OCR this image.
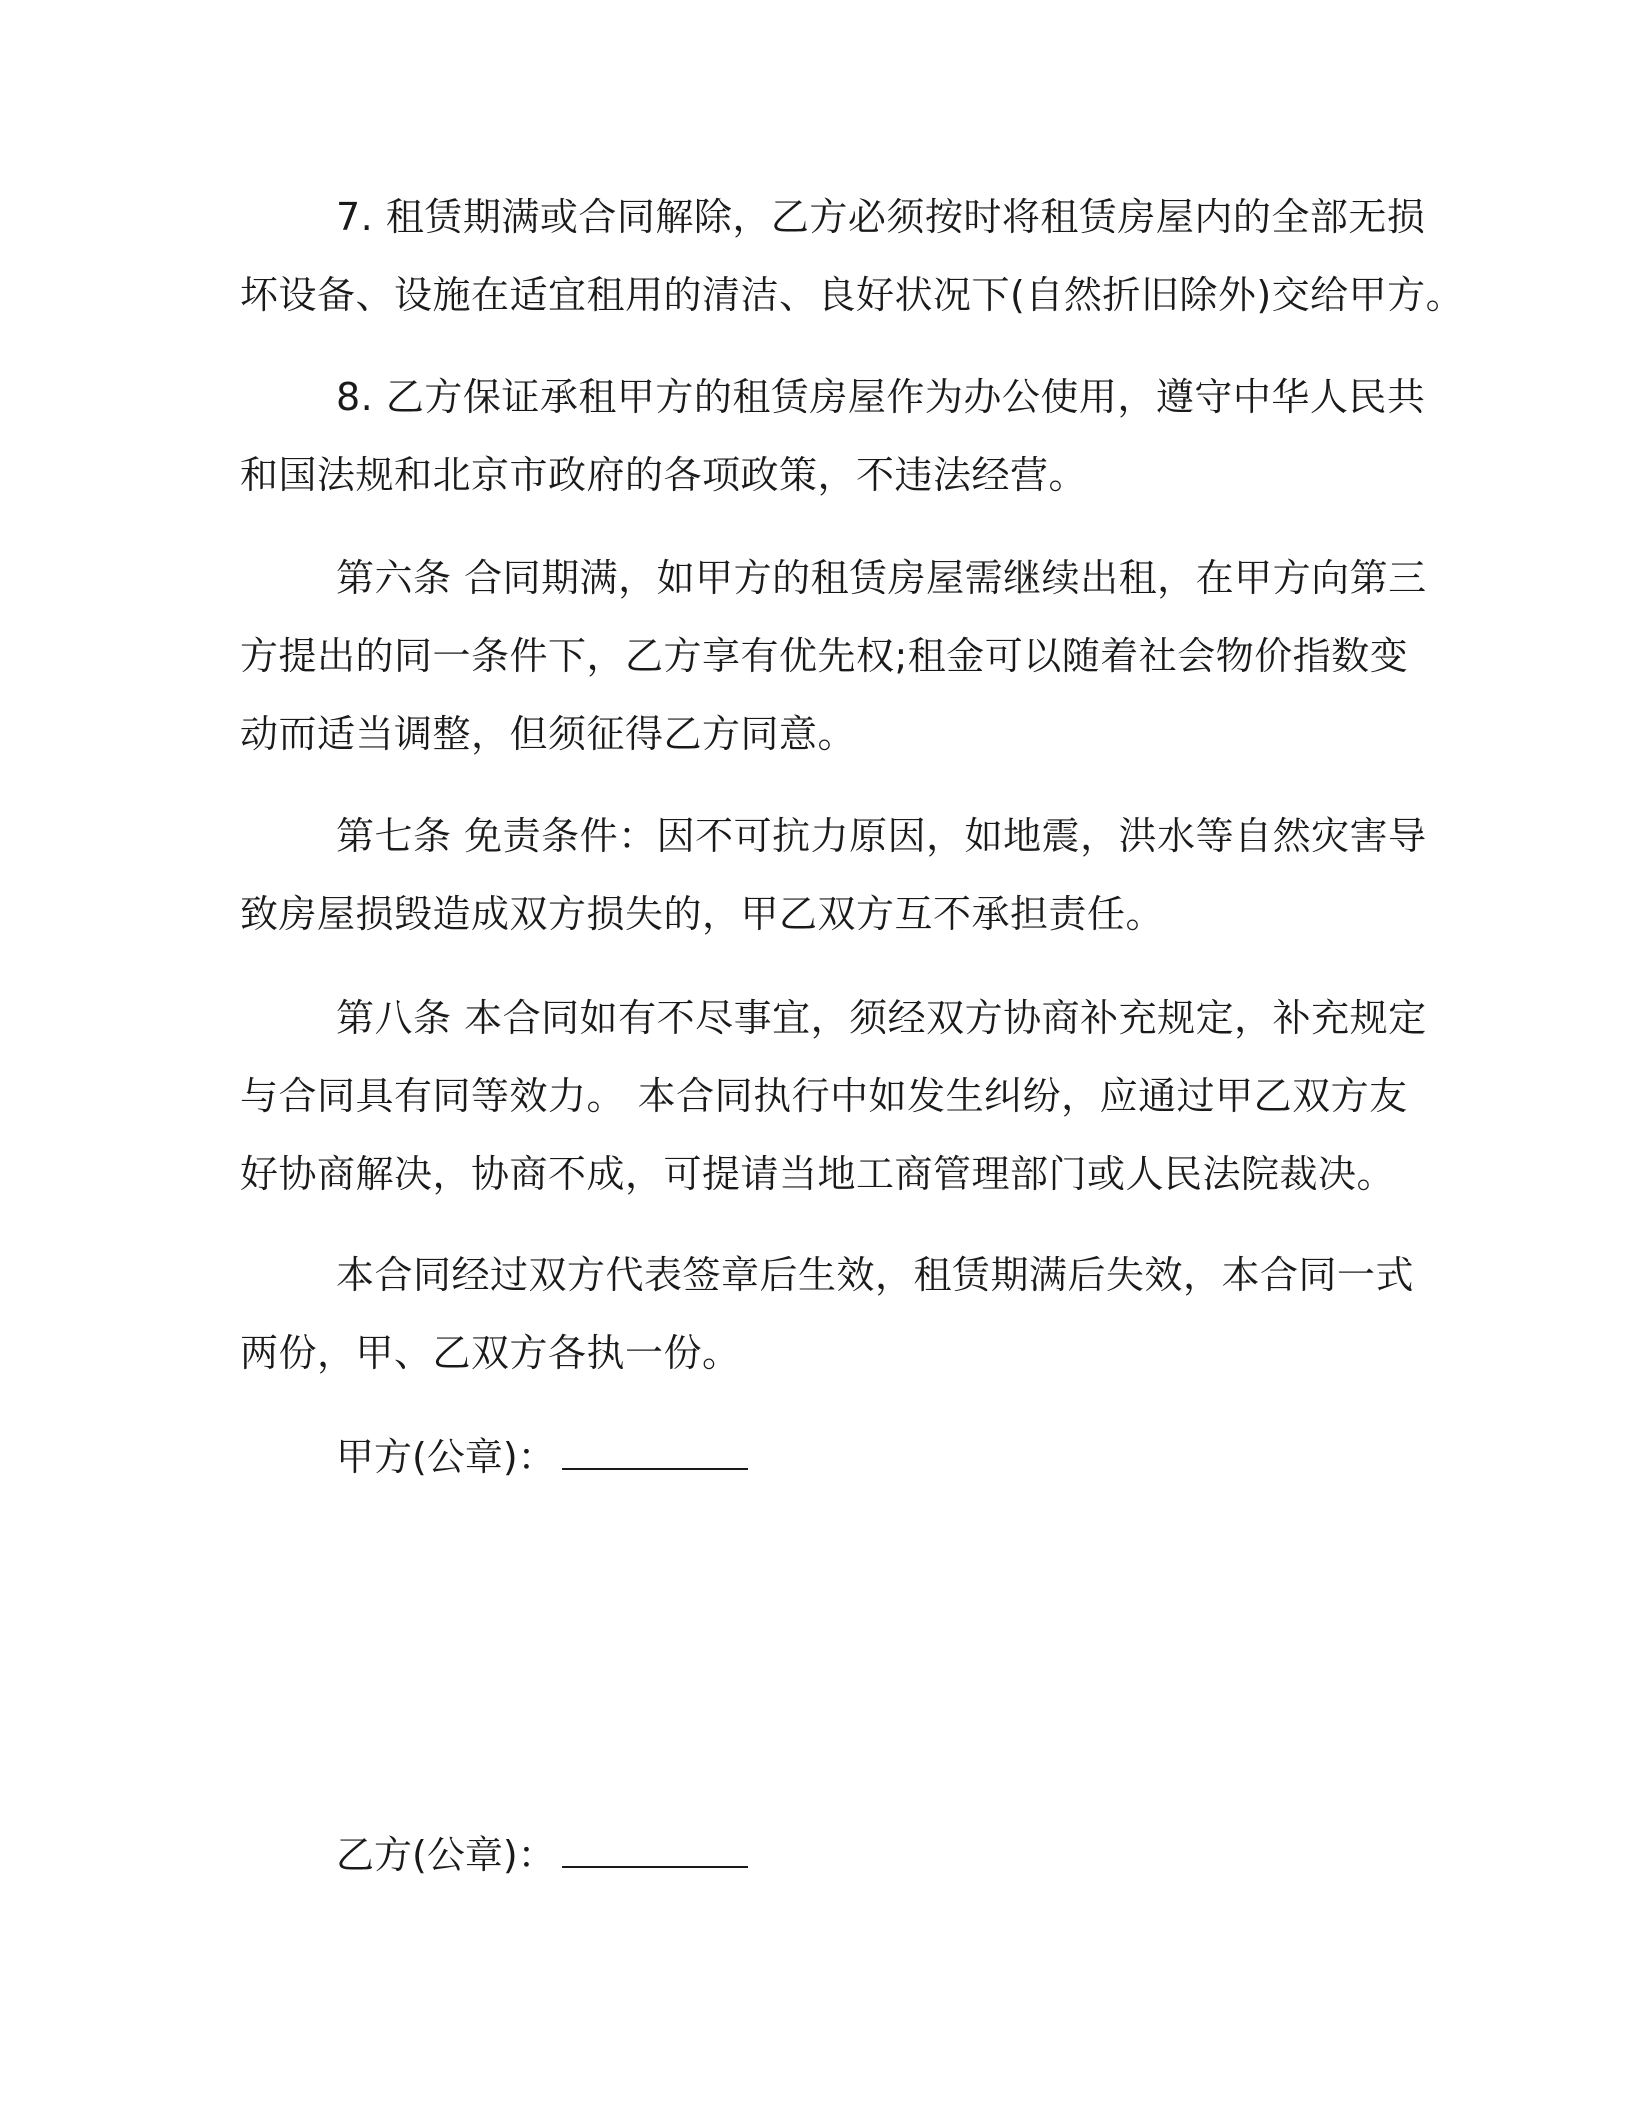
7. 租赁期满或合同解除，乙方必须按时将租赁房屋内的全部无损
坏设备、设施在适宜租用的清洁、良好状况下(自然折旧除外)交给甲方。

8. 乙方保证承租甲方的租赁房屋作为办公使用，遵守中华人民共
和国法规和北京市政府的各项政策，不违法经营。

第六条 合同期满，如甲方的租赁房屋需继续出租，在甲方向第三
方提出的同一条件下，乙方享有优先权;租金可以随着社会物价指数变
动而适当调整，但须征得乙方同意。

第七条 免责条件：因不可抗力原因，如地震，洪水等自然灾害导
致房屋损毁造成双方损失的，甲乙双方互不承担责任。

第八条 本合同如有不尽事宜，须经双方协商补充规定，补充规定
与合同具有同等效力。 本合同执行中如发生纠纷，应通过甲乙双方友
好协商解决，协商不成，可提请当地工商管理部门或人民法院裁决。

本合同经过双方代表签章后生效，租赁期满后失效，本合同一式
两份，甲、乙双方各执一份。

甲方(公章)：

乙方(公章)：
